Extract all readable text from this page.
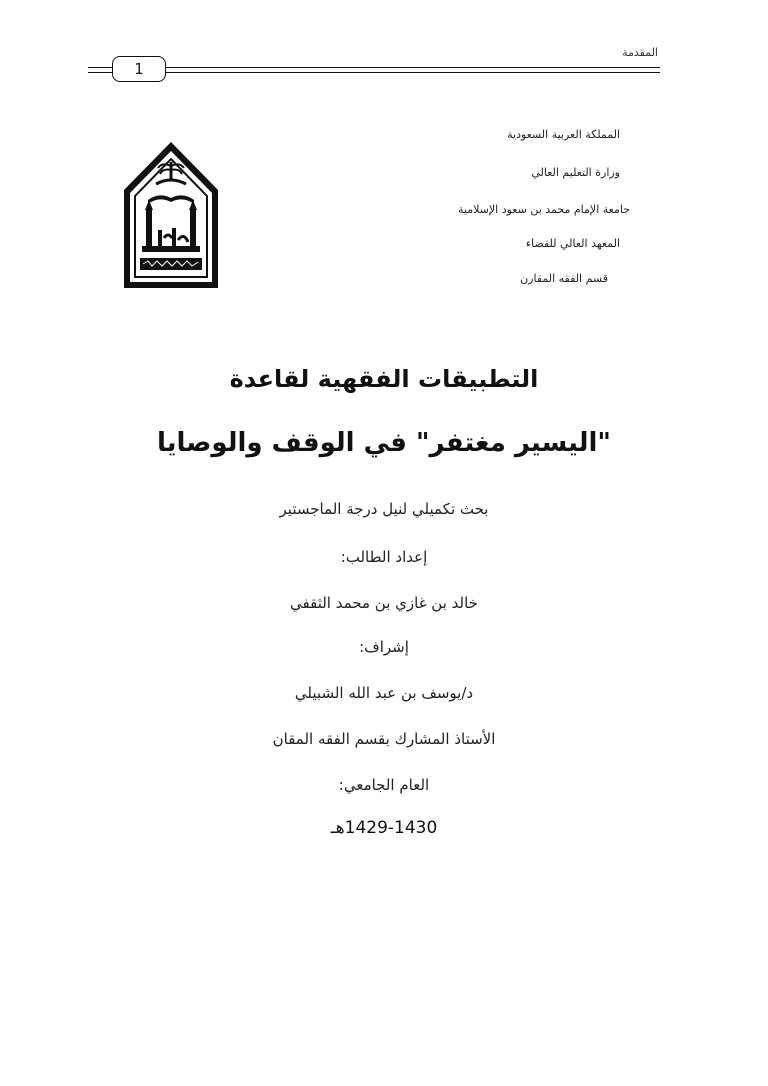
المقدمة
1
المملكة العربية السعودية
وزارة التعليم العالي
جامعة الإمام محمد بن سعود الإسلامية
المعهد العالي للقضاء
قسم الفقه المقارن
التطبيقات الفقهية لقاعدة
"اليسير مغتفر" في الوقف والوصايا
بحث تكميلي لنيل درجة الماجستير
إعداد الطالب:
خالد بن غازي بن محمد الثقفي
إشراف:
د/يوسف بن عبد الله الشبيلي
الأستاذ المشارك بقسم الفقه المقان
العام الجامعي:
1429-1430هـ
